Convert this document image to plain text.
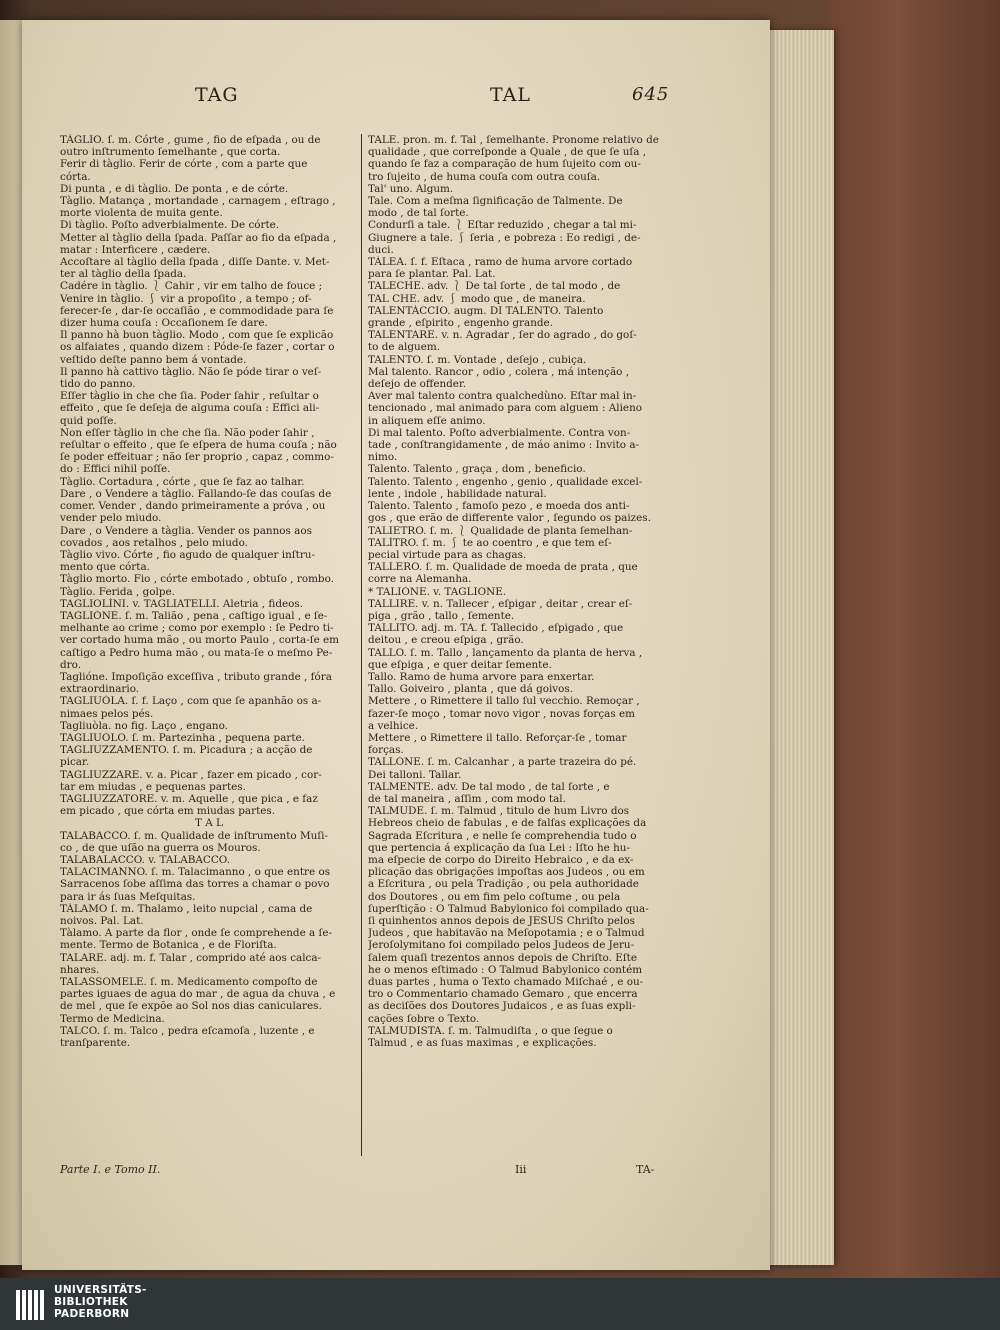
TAG	TAL	645
TÀGLIO. ſ. m. Córte , gume , fio de eſpada , ou de
outro inſtrumento ſemelhante , que corta.
Ferir di tàglio. Ferir de córte , com a parte que
córta.
Di punta , e di tàglio. De ponta , e de córte.
Tàglio. Matança , mortandade , carnagem , eſtrago ,
morte violenta de muita gente.
Di tàglio. Poſto adverbialmente. De córte.
Metter al tàglio della ſpada. Paſſar ao fio da eſpada ,
matar : Interficere , cædere.
Accoſtare al tàglio della ſpada , diſſe Dante. v. Met-
ter al tàglio della ſpada.
Cadére in tàglio. ⎱ Cahir , vir em talho de fouce ;
Venire in tàglio. ⎰ vir a propoſito , a tempo ; of-
ferecer-ſe , dar-ſe occaſião , e commodidade para ſe
dizer huma couſa : Occaſionem ſe dare.
Il panno hà buon tàglio. Modo , com que ſe explicão
os alfaiates , quando dizem : Póde-ſe fazer , cortar o
veſtido deſte panno bem á vontade.
Il panno hà cattivo tàglio. Não ſe póde tirar o veſ-
tido do panno.
Eſſer tàglio in che che ſia. Poder ſahir , reſultar o
effeito , que ſe deſeja de alguma couſa : Effici ali-
quid poſſe.
Non eſſer tàglio in che che ſia. Não poder ſahir ,
reſultar o effeito , que ſe eſpera de huma couſa ; não
ſe poder effeituar ; não ſer proprio , capaz , commo-
do : Effici nihil poſſe.
Tàglio. Cortadura , córte , que ſe faz ao talhar.
Dare , o Vendere a tàglio. Fallando-ſe das couſas de
comer. Vender , dando primeiramente a próva , ou
vender pelo miudo.
Dare , o Vendere a tàglia. Vender os pannos aos
covados , aos retalhos , pelo miudo.
Tàglio vivo. Córte , fio agudo de qualquer inſtru-
mento que córta.
Tàglio morto. Fio , córte embotado , obtuſo , rombo.
Tàglio. Ferida , golpe.
TAGLIOLÌNI. v. TAGLIATELLI. Aletria , fideos.
TAGLIÒNE. ſ. m. Talião , pena , caſtigo igual , e ſe-
melhante ao crime ; como por exemplo : ſe Pedro ti-
ver cortado huma mão , ou morto Paulo , corta-ſe em
caſtigo a Pedro huma mão , ou mata-ſe o meſmo Pe-
dro.
Taglióne. Impoſição exceſſiva , tributo grande , fóra
extraordinario.
TAGLIUÒLA. ſ. f. Laço , com que ſe apanhão os a-
nimaes pelos pés.
Tagliuòla. no fig. Laço , engano.
TAGLIUÒLO. ſ. m. Partezinha , pequena parte.
TAGLIUZZAMENTO. ſ. m. Picadura ; a acção de
picar.
TAGLIUZZARE. v. a. Picar , fazer em picado , cor-
tar em miudas , e pequenas partes.
TAGLIUZZATORE. v. m. Aquelle , que pica , e faz
em picado , que córta em miudas partes.
T A L
TALABACCO. ſ. m. Qualidade de inſtrumento Muſi-
co , de que uſão na guerra os Mouros.
TALABALACCO. v. TALABACCO.
TALACIMANNO. ſ. m. Talacimanno , o que entre os
Sarracenos ſobe aſſima das torres a chamar o povo
para ir ás ſuas Meſquitas.
TÀLAMO ſ. m. Thalamo , leito nupcial , cama de
noivos. Pal. Lat.
Tàlamo. A parte da flor , onde ſe comprehende a ſe-
mente. Termo de Botanica , e de Floriſta.
TALARE. adj. m. f. Talar , comprido até aos calca-
nhares.
TALASSOMELE. ſ. m. Medicamento compoſto de
partes iguaes de agua do mar , de agua da chuva , e
de mel , que ſe expõe ao Sol nos dias caniculares.
Termo de Medicina.
TALCO. ſ. m. Talco , pedra eſcamoſa , luzente , e
tranſparente.
TALE. pron. m. f. Tal , ſemelhante. Pronome relativo de
qualidade , que correſponde a Quale , de que ſe uſa ,
quando ſe faz a comparação de hum ſujeito com ou-
tro ſujeito , de huma couſa com outra couſa.
Tal' uno. Algum.
Tale. Com a meſma ſignificação de Talmente. De
modo , de tal ſorte.
Condurſi a tale. ⎱ Eſtar reduzido , chegar a tal mi-
Giugnere a tale. ⎰ ſeria , e pobreza : Eo redigi , de-
duci.
TÀLEA. ſ. f. Eſtaca , ramo de huma arvore cortado
para ſe plantar. Pal. Lat.
TALECHE. adv. ⎱ De tal ſorte , de tal modo , de
TAL CHE. adv. ⎰ modo que , de maneira.
TALENTÀCCIO. augm. DI TALENTO. Talento
grande , eſpirito , engenho grande.
TALENTARE. v. n. Agradar , ſer do agrado , do goſ-
to de alguem.
TALENTO. ſ. m. Vontade , deſejo , cubiça.
Mal talento. Rancor , odio , colera , má intenção ,
deſejo de offender.
Aver mal talento contra qualchedùno. Eſtar mal in-
tencionado , mal animado para com alguem : Alieno
in aliquem eſſe animo.
Di mal talento. Poſto adverbialmente. Contra von-
tade , conſtrangidamente , de máo animo : Invito a-
nimo.
Talento. Talento , graça , dom , beneficio.
Talento. Talento , engenho , genio , qualidade excel-
lente , indole , habilidade natural.
Talento. Talento , famoſo pezo , e moeda dos anti-
gos , que erão de differente valor , ſegundo os paizes.
TALIETRO. ſ. m. ⎱ Qualidade de planta ſemelhan-
TALÌTRO. ſ. m. ⎰ te ao coentro , e que tem eſ-
pecial virtude para as chagas.
TALLERO. ſ. m. Qualidade de moeda de prata , que
corre na Alemanha.
* TALIÒNE. v. TAGLIONE.
TALLIRE. v. n. Tallecer , eſpigar , deitar , crear eſ-
piga , grão , tallo , ſemente.
TALLITO. adj. m. TA. f. Tallecido , eſpigado , que
deitou , e creou eſpiga , grão.
TALLO. ſ. m. Tallo , lançamento da planta de herva ,
que eſpiga , e quer deitar ſemente.
Tallo. Ramo de huma arvore para enxertar.
Tallo. Goiveiro , planta , que dá goivos.
Mettere , o Rimettere il tallo ſul vecchio. Remoçar ,
fazer-ſe moço , tomar novo vigor , novas forças em
a velhice.
Mettere , o Rimettere il tallo. Reforçar-ſe , tomar
forças.
TALLÒNE. ſ. m. Calcanhar , a parte trazeira do pé.
Dei talloni. Tallar.
TALMENTE. adv. De tal modo , de tal ſorte , e
de tal maneira , aſſim , com modo tal.
TALMUDE. ſ. m. Talmud , titulo de hum Livro dos
Hebreos cheio de fabulas , e de falſas explicações da
Sagrada Eſcritura , e nelle ſe comprehendia tudo o
que pertencia á explicação da ſua Lei : Iſto he hu-
ma eſpecie de corpo do Direito Hebraico , e da ex-
plicação das obrigações impoſtas aos Judeos , ou em
a Eſcritura , ou pela Tradição , ou pela authoridade
dos Doutores , ou em fim pelo coſtume , ou pela
ſuperſtição : O Talmud Babylonico foi compilado qua-
ſi quinhentos annos depois de JESUS Chriſto pelos
Judeos , que habitavão na Meſopotamia ; e o Talmud
Jeroſolymitano foi compilado pelos Judeos de Jeru-
ſalem quaſi trezentos annos depois de Chriſto. Eſte
he o menos eſtimado : O Talmud Babylonico contém
duas partes , huma o Texto chamado Miſchaé , e ou-
tro o Commentario chamado Gemaro , que encerra
as deciſões dos Doutores Judaicos , e as ſuas expli-
cações ſobre o Texto.
TALMUDISTA. ſ. m. Talmudiſta , o que ſegue o
Talmud , e as ſuas maximas , e explicações.
Parte I. e Tomo II.	Iii	TA-
UNIVERSITÄTS-
BIBLIOTHEK
PADERBORN
